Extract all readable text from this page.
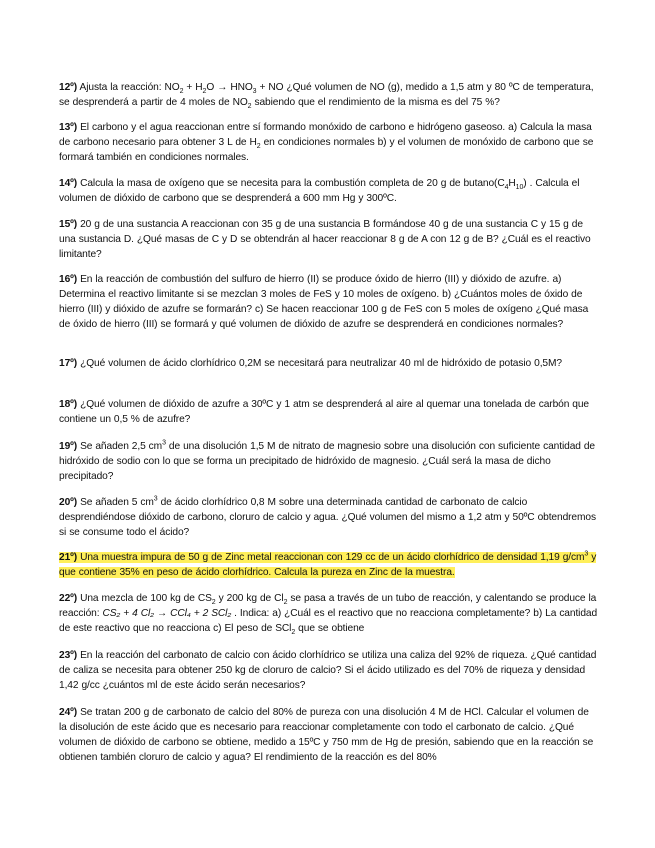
12º) Ajusta la reacción: $NO_2 + H_2O \to HNO_3$ + NO ¿Qué volumen de NO (g), medido a 1,5 atm y 80 ºC de temperatura, se desprenderá a partir de 4 moles de $NO_2$ sabiendo que el rendimiento de la misma es del 75 %?
13º) El carbono y el agua reaccionan entre sí formando monóxido de carbono e hidrógeno gaseoso. a) Calcula la masa de carbono necesario para obtener 3 L de $H_2$ en condiciones normales b) y el volumen de monóxido de carbono que se formará también en condiciones normales.
14º) Calcula la masa de oxígeno que se necesita para la combustión completa de 20 g de $butano(C_4H_{10})$ . Calcula el volumen de dióxido de carbono que se desprenderá a 600 mm Hg y 300ºC.
15º) 20 g de una sustancia A reaccionan con 35 g de una sustancia B formándose 40 g de una sustancia C y 15 g de una sustancia D. ¿Qué masas de C y D se obtendrán al hacer reaccionar 8 g de A con 12 g de B? ¿Cuál es el reactivo limitante?
16º) En la reacción de combustión del sulfuro de hierro (II) se produce óxido de hierro (III) y dióxido de azufre. a) Determina el reactivo limitante si se mezclan 3 moles de FeS y 10 moles de oxígeno. b) ¿Cuántos moles de óxido de hierro (III) y dióxido de azufre se formarán? c) Se hacen reaccionar 100 g de FeS con 5 moles de oxígeno ¿Qué masa de óxido de hierro (III) se formará y qué volumen de dióxido de azufre se desprenderá en condiciones normales?
17º) ¿Qué volumen de ácido clorhídrico 0,2M se necesitará para neutralizar 40 ml de hidróxido de potasio 0,5M?
18º) ¿Qué volumen de dióxido de azufre a 30ºC y 1 atm se desprenderá al aire al quemar una tonelada de carbón que contiene un 0,5 % de azufre?
19º) Se añaden 2,5 $cm^3$ de una disolución 1,5 M de nitrato de magnesio sobre una disolución con suficiente cantidad de hidróxido de sodio con lo que se forma un precipitado de hidróxido de magnesio. ¿Cuál será la masa de dicho precipitado?
20º) Se añaden 5 $cm^3$ de ácido clorhídrico 0,8 M sobre una determinada cantidad de carbonato de calcio desprendiéndose dióxido de carbono, cloruro de calcio y agua. ¿Qué volumen del mismo a 1,2 atm y 50ºC obtendremos si se consume todo el ácido?
21º) Una muestra impura de 50 g de Zinc metal reaccionan con 129 cc de un ácido clorhídrico de densidad 1,19 $g/cm^3$ y que contiene 35% en peso de ácido clorhídrico. Calcula la pureza en Zinc de la muestra.
22º) Una mezcla de 100 kg de $CS_2$ y 200 kg de $Cl_2$ se pasa a través de un tubo de reacción, y calentando se produce la reacción: CS₂ + 4 Cl₂ → CCl₄ + 2 SCl₂ . Indica: a) ¿Cuál es el reactivo que no reacciona completamente? b) La cantidad de este reactivo que no reacciona c) El peso de SCl$_2$ que se obtiene
23º) En la reacción del carbonato de calcio con ácido clorhídrico se utiliza una caliza del 92% de riqueza. ¿Qué cantidad de caliza se necesita para obtener 250 kg de cloruro de calcio? Si el ácido utilizado es del 70% de riqueza y densidad 1,42 g/cc ¿cuántos ml de este ácido serán necesarios?
24º) Se tratan 200 g de carbonato de calcio del 80% de pureza con una disolución 4 M de HCl. Calcular el volumen de la disolución de este ácido que es necesario para reaccionar completamente con todo el carbonato de calcio. ¿Qué volumen de dióxido de carbono se obtiene, medido a 15ºC y 750 mm de Hg de presión, sabiendo que en la reacción se obtienen también cloruro de calcio y agua? El rendimiento de la reacción es del 80%
